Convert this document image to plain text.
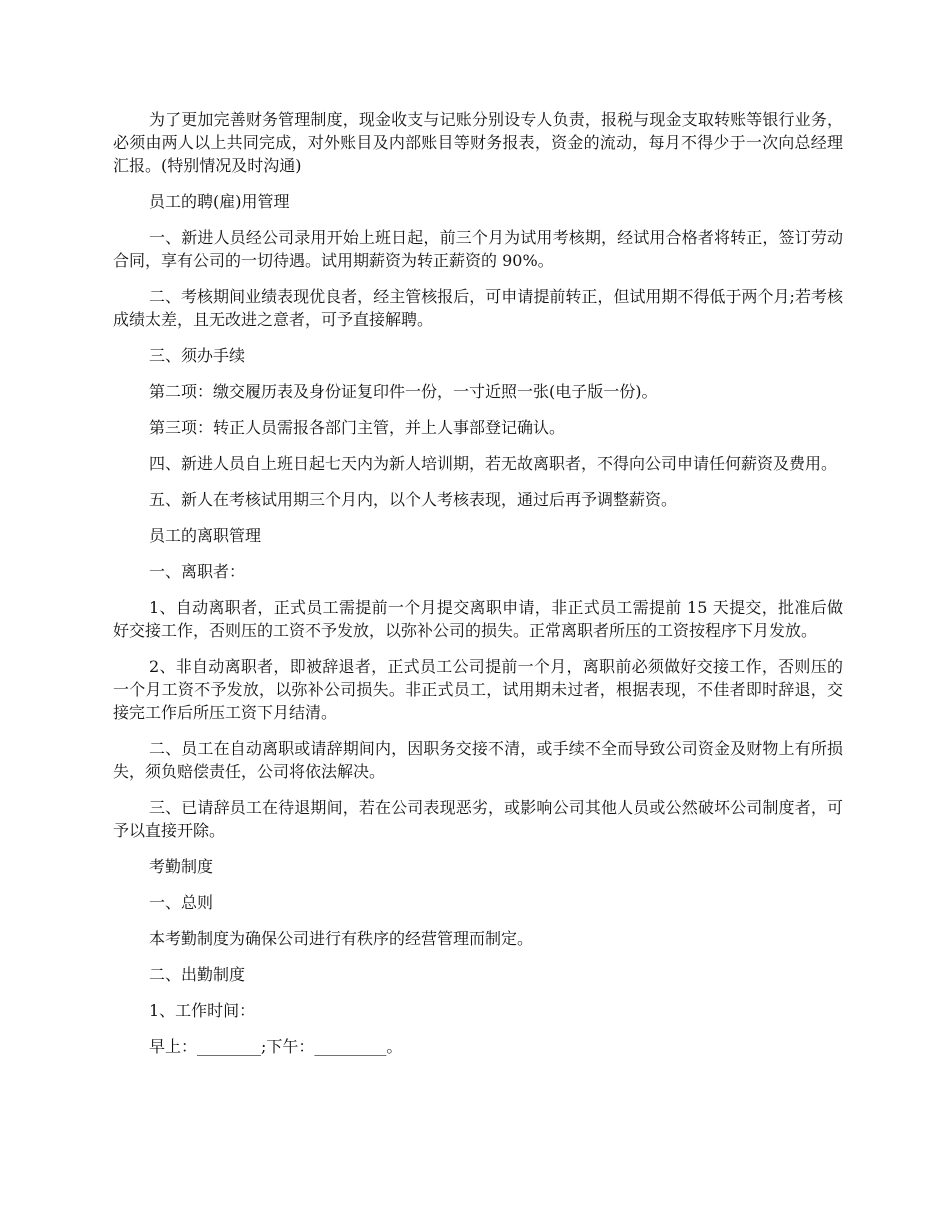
为了更加完善财务管理制度，现金收支与记账分别设专人负责，报税与现金支取转账等银行业务，必须由两人以上共同完成，对外账目及内部账目等财务报表，资金的流动，每月不得少于一次向总经理汇报。(特别情况及时沟通)

员工的聘(雇)用管理

一、新进人员经公司录用开始上班日起，前三个月为试用考核期，经试用合格者将转正，签订劳动合同，享有公司的一切待遇。试用期薪资为转正薪资的 90%。

二、考核期间业绩表现优良者，经主管核报后，可申请提前转正，但试用期不得低于两个月;若考核成绩太差，且无改进之意者，可予直接解聘。

三、须办手续

第二项：缴交履历表及身份证复印件一份，一寸近照一张(电子版一份)。

第三项：转正人员需报各部门主管，并上人事部登记确认。

四、新进人员自上班日起七天内为新人培训期，若无故离职者，不得向公司申请任何薪资及费用。

五、新人在考核试用期三个月内，以个人考核表现，通过后再予调整薪资。

员工的离职管理

一、离职者：

1、自动离职者，正式员工需提前一个月提交离职申请，非正式员工需提前 15 天提交，批准后做好交接工作，否则压的工资不予发放，以弥补公司的损失。正常离职者所压的工资按程序下月发放。

2、非自动离职者，即被辞退者，正式员工公司提前一个月，离职前必须做好交接工作，否则压的一个月工资不予发放，以弥补公司损失。非正式员工，试用期未过者，根据表现，不佳者即时辞退，交接完工作后所压工资下月结清。

二、员工在自动离职或请辞期间内，因职务交接不清，或手续不全而导致公司资金及财物上有所损失，须负赔偿责任，公司将依法解决。

三、已请辞员工在待退期间，若在公司表现恶劣，或影响公司其他人员或公然破坏公司制度者，可予以直接开除。

考勤制度

一、总则

本考勤制度为确保公司进行有秩序的经营管理而制定。

二、出勤制度

1、工作时间：

早上：________;下午：_________。
